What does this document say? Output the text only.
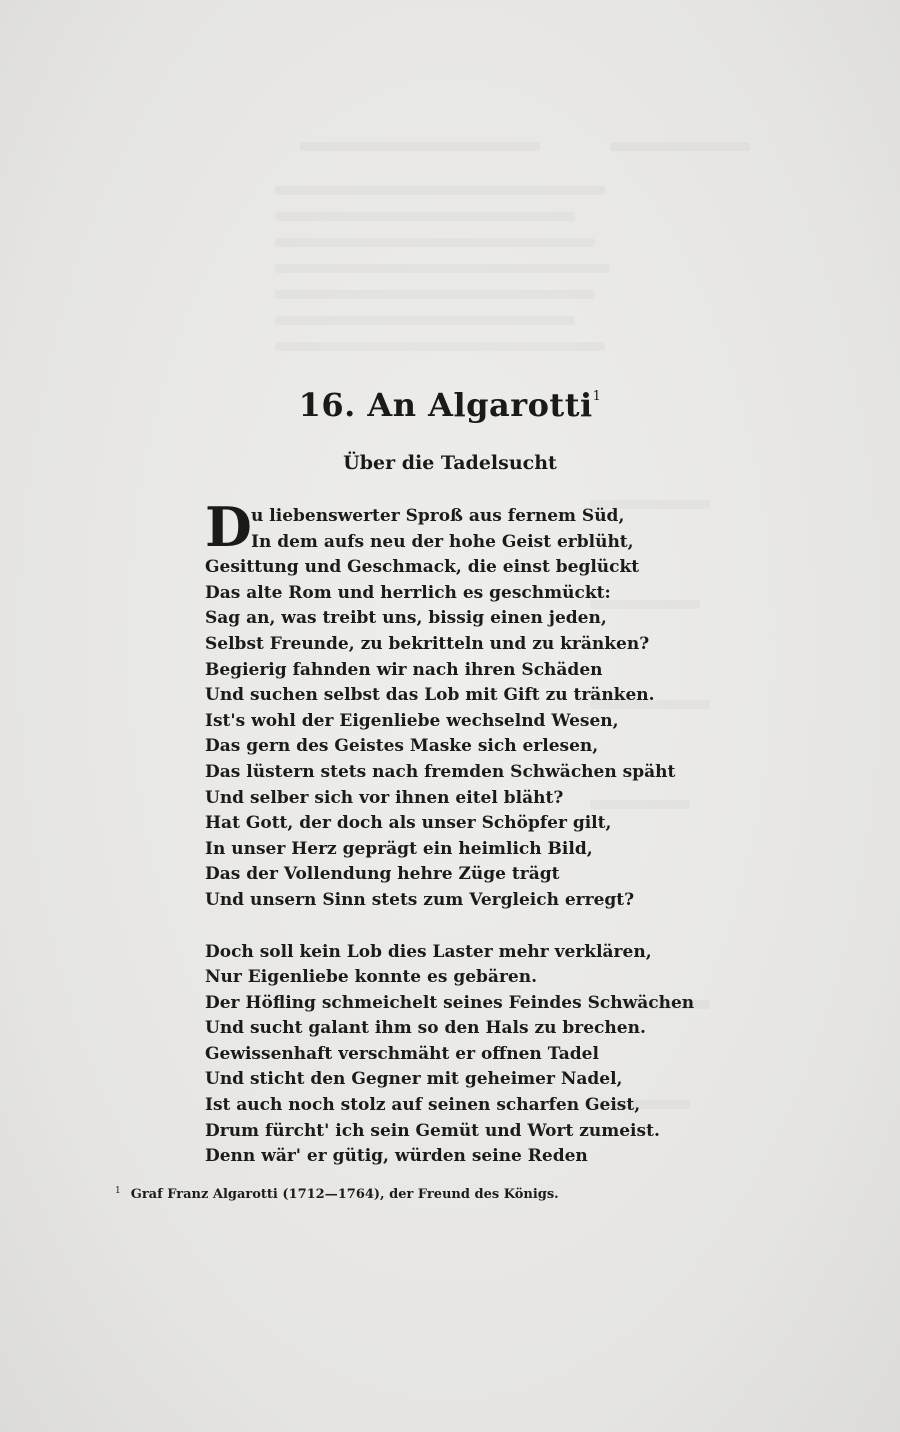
16. An Algarotti$^1$
Über die Tadelsucht
D u liebenswerter Sproß aus fernem Süd,
In dem aufs neu der hohe Geist erblüht,
Gesittung und Geschmack, die einst beglückt
Das alte Rom und herrlich es geschmückt:
Sag an, was treibt uns, bissig einen jeden,
Selbst Freunde, zu bekritteln und zu kränken?
Begierig fahnden wir nach ihren Schäden
Und suchen selbst das Lob mit Gift zu tränken.
Ist's wohl der Eigenliebe wechselnd Wesen,
Das gern des Geistes Maske sich erlesen,
Das lüstern stets nach fremden Schwächen späht
Und selber sich vor ihnen eitel bläht?
Hat Gott, der doch als unser Schöpfer gilt,
In unser Herz geprägt ein heimlich Bild,
Das der Vollendung hehre Züge trägt
Und unsern Sinn stets zum Vergleich erregt?
Doch soll kein Lob dies Laster mehr verklären,
Nur Eigenliebe konnte es gebären.
Der Höfling schmeichelt seines Feindes Schwächen
Und sucht galant ihm so den Hals zu brechen.
Gewissenhaft verschmäht er offnen Tadel
Und sticht den Gegner mit geheimer Nadel,
Ist auch noch stolz auf seinen scharfen Geist,
Drum fürcht' ich sein Gemüt und Wort zumeist.
Denn wär' er gütig, würden seine Reden
$^1$ Graf Franz Algarotti (1712—1764), der Freund des Königs.
